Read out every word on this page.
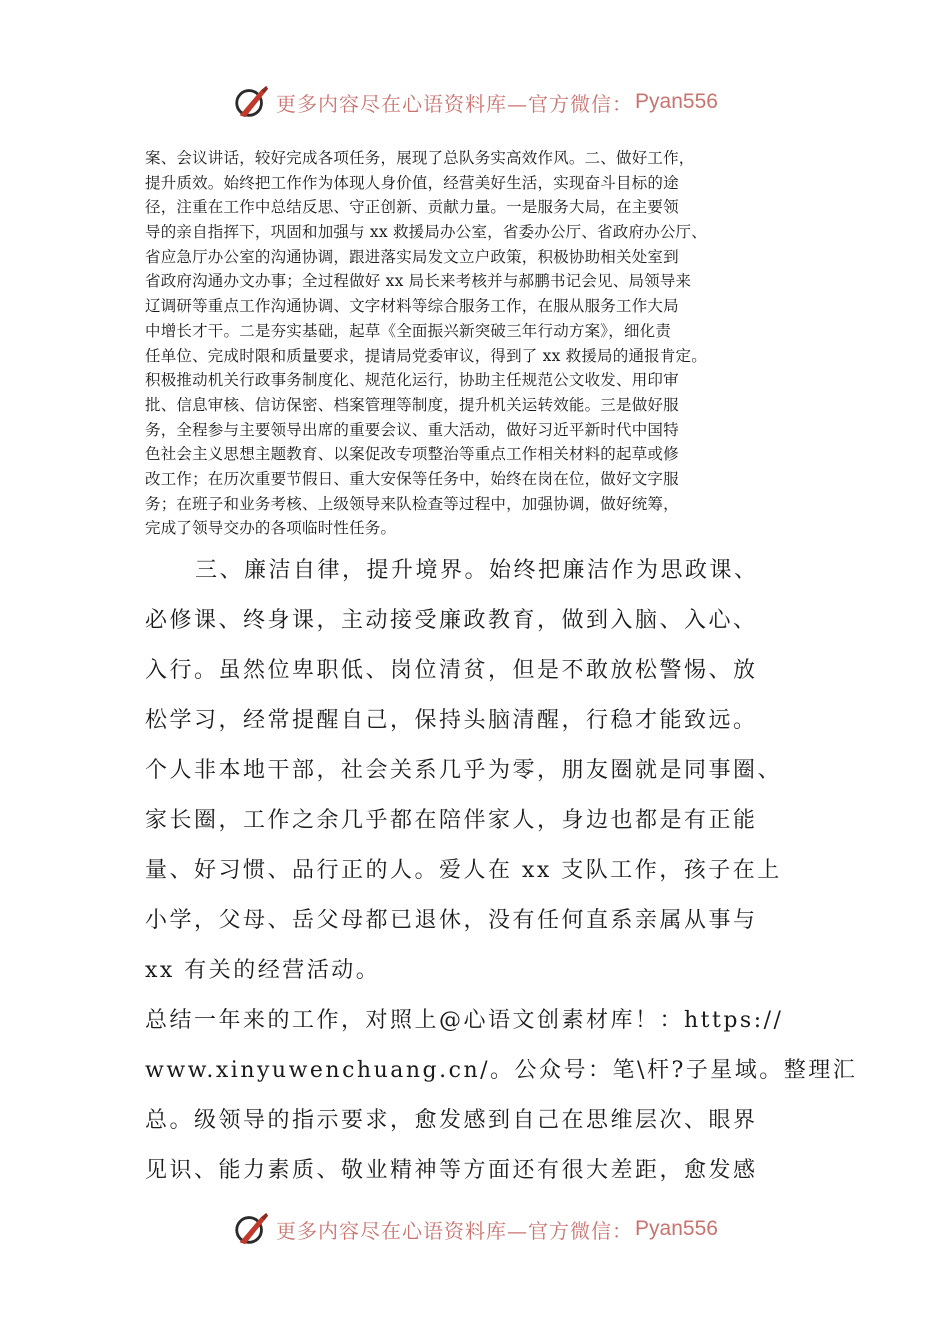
更多内容尽在心语资料库—官方微信： Pyan556
案、会议讲话，较好完成各项任务，展现了总队务实高效作风。二、做好工作，
提升质效。始终把工作作为体现人身价值，经营美好生活，实现奋斗目标的途
径，注重在工作中总结反思、守正创新、贡献力量。一是服务大局，在主要领
导的亲自指挥下，巩固和加强与 xx 救援局办公室，省委办公厅、省政府办公厅、
省应急厅办公室的沟通协调，跟进落实局发文立户政策，积极协助相关处室到
省政府沟通办文办事；全过程做好 xx 局长来考核并与郝鹏书记会见、局领导来
辽调研等重点工作沟通协调、文字材料等综合服务工作，在服从服务工作大局
中增长才干。二是夯实基础，起草《全面振兴新突破三年行动方案》，细化责
任单位、完成时限和质量要求，提请局党委审议，得到了 xx 救援局的通报肯定。
积极推动机关行政事务制度化、规范化运行，协助主任规范公文收发、用印审
批、信息审核、信访保密、档案管理等制度，提升机关运转效能。三是做好服
务，全程参与主要领导出席的重要会议、重大活动，做好习近平新时代中国特
色社会主义思想主题教育、以案促改专项整治等重点工作相关材料的起草或修
改工作；在历次重要节假日、重大安保等任务中，始终在岗在位，做好文字服
务；在班子和业务考核、上级领导来队检查等过程中，加强协调，做好统筹，
完成了领导交办的各项临时性任务。
三、廉洁自律，提升境界。始终把廉洁作为思政课、
必修课、终身课，主动接受廉政教育，做到入脑、入心、
入行。虽然位卑职低、岗位清贫，但是不敢放松警惕、放
松学习，经常提醒自己，保持头脑清醒，行稳才能致远。
个人非本地干部，社会关系几乎为零，朋友圈就是同事圈、
家长圈，工作之余几乎都在陪伴家人，身边也都是有正能
量、好习惯、品行正的人。爱人在 xx 支队工作，孩子在上
小学，父母、岳父母都已退休，没有任何直系亲属从事与
xx 有关的经营活动。
总结一年来的工作，对照上@心语文创素材库！：https://
www.xinyuwenchuang.cn/。公众号：笔\杆?子星域。整理汇
总。级领导的指示要求，愈发感到自己在思维层次、眼界
见识、能力素质、敬业精神等方面还有很大差距，愈发感
更多内容尽在心语资料库—官方微信： Pyan556
